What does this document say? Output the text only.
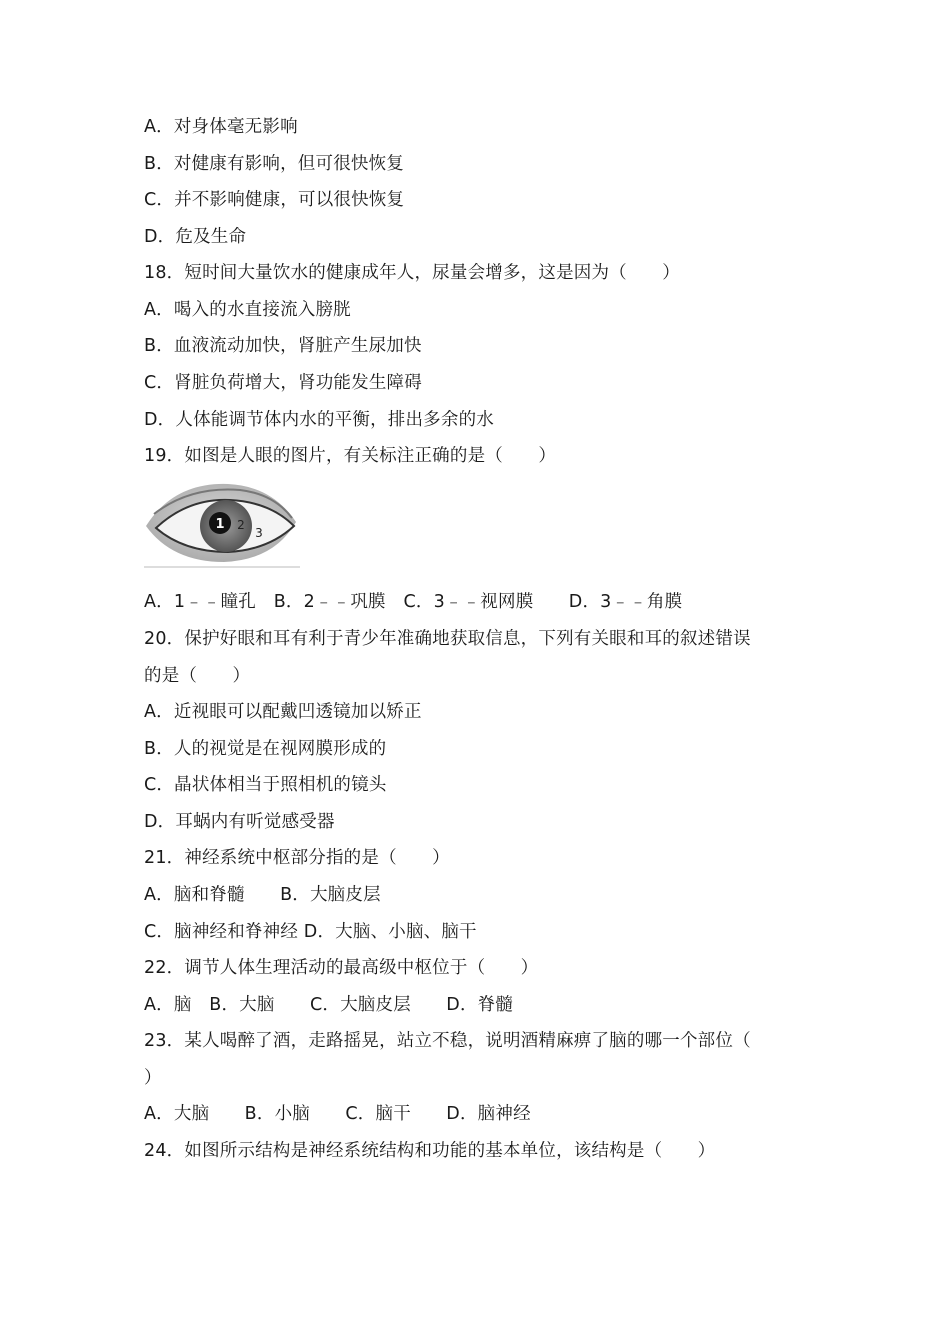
A．对身体毫无影响
B．对健康有影响，但可很快恢复
C．并不影响健康，可以很快恢复
D．危及生命
18．短时间大量饮水的健康成年人，尿量会增多，这是因为（　　）
A．喝入的水直接流入膀胱
B．血液流动加快，肾脏产生尿加快
C．肾脏负荷增大，肾功能发生障碍
D．人体能调节体内水的平衡，排出多余的水
19．如图是人眼的图片，有关标注正确的是（　　）
1 2
3
A．1﹣﹣瞳孔　B．2﹣﹣巩膜　C．3﹣﹣视网膜　　D．3﹣﹣角膜
20．保护好眼和耳有利于青少年准确地获取信息，下列有关眼和耳的叙述错误
的是（　　）
A．近视眼可以配戴凹透镜加以矫正
B．人的视觉是在视网膜形成的
C．晶状体相当于照相机的镜头
D．耳蜗内有听觉感受器
21．神经系统中枢部分指的是（　　）
A．脑和脊髓　　B．大脑皮层
C．脑神经和脊神经 D．大脑、小脑、脑干
22．调节人体生理活动的最高级中枢位于（　　）
A．脑　B．大脑　　C．大脑皮层　　D．脊髓
23．某人喝醉了酒，走路摇晃，站立不稳，说明酒精麻痹了脑的哪一个部位（
）
A．大脑　　B．小脑　　C．脑干　　D．脑神经
24．如图所示结构是神经系统结构和功能的基本单位，该结构是（　　）
